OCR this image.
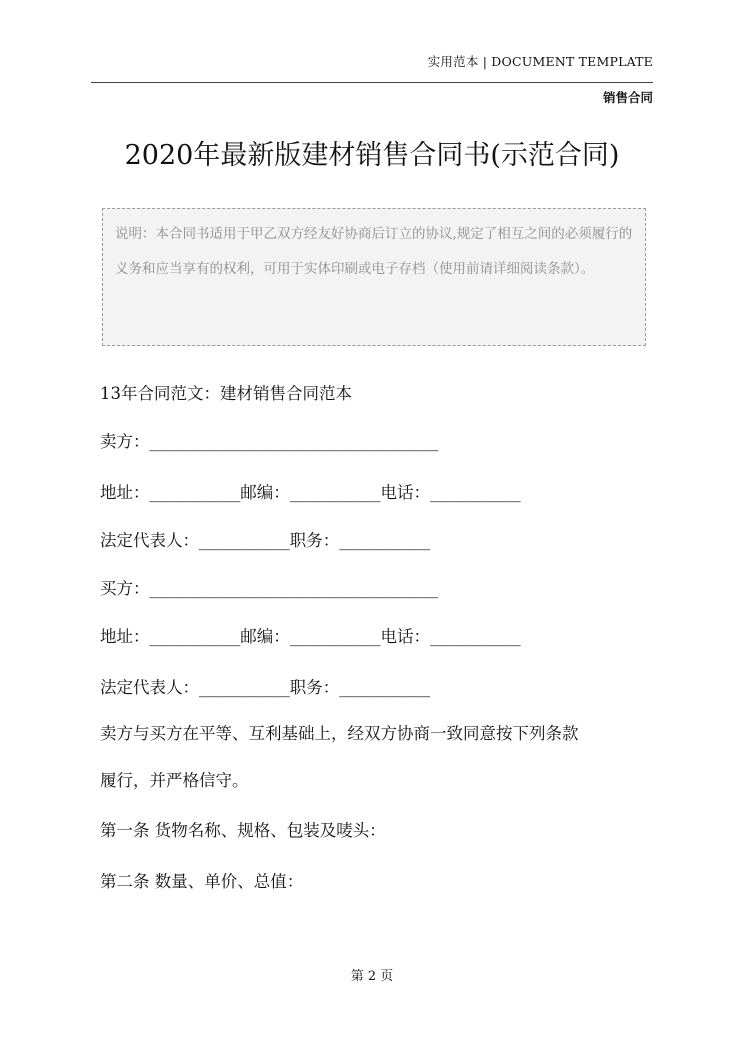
实用范本 | DOCUMENT TEMPLATE
销售合同
2020年最新版建材销售合同书(示范合同)
说明：本合同书适用于甲乙双方经友好协商后订立的协议,规定了相互之间的必须履行的义务和应当享有的权利，可用于实体印刷或电子存档（使用前请详细阅读条款）。
13年合同范文：建材销售合同范本
卖方：___________________________________
地址：___________邮编：___________电话：___________
法定代表人：___________职务：___________
买方：___________________________________
地址：___________邮编：___________电话：___________
法定代表人：___________职务：___________
卖方与买方在平等、互利基础上，经双方协商一致同意按下列条款
履行，并严格信守。
第一条 货物名称、规格、包装及唛头：
第二条 数量、单价、总值：
第 2 页
